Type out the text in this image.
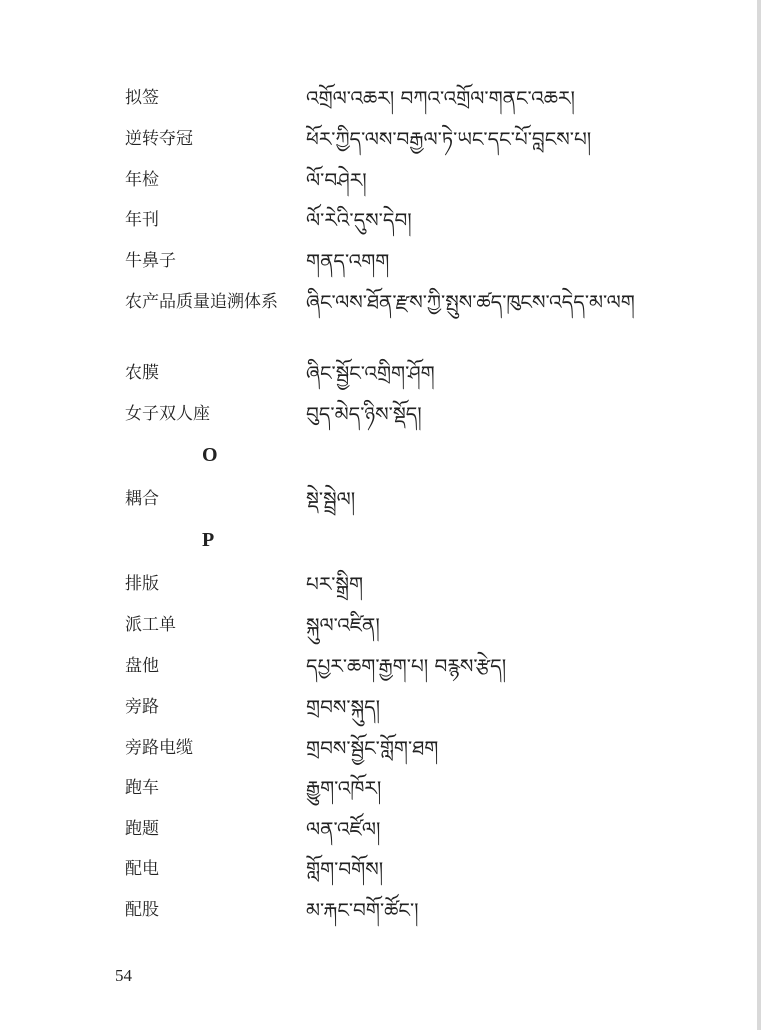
拟签	འགྲོལ་འཆར། བཀའ་འགྲོལ་གནང་འཆར།
逆转夺冠	ཕོར་ཀྱིད་ལས་བརྒྱལ་ཏེ་ཡང་དང་པོ་བླངས་པ།
年检	ལོ་བཤེར།
年刊	ལོ་རེའི་དུས་དེབ།
牛鼻子	གནད་འགག
农产品质量追溯体系 ཞིང་ལས་ཐོན་རྫས་ཀྱི་སྤུས་ཚད་ཁུངས་འདེད་མ་ལག
农膜	ཞིང་སྦྱོང་འགྲིག་ཤོག
女子双人座	བུད་མེད་ཉིས་སྡོད།
O
耦合	སྡེ་སྦྲེལ།
P
排版	པར་སྒྲིག
派工单	སྐུལ་འཛིན།
盘他	དཔྱར་ཆག་རྒྱག་པ། བརྙས་རྩེད།
旁路	གྲབས་སྐུད།
旁路电缆	གྲབས་སྦྱོང་གློག་ཐག
跑车	རྒྱུག་འཁོར།
跑题	ལན་འཛོལ།
配电	གློག་བགོས།
配股	མ་རྐང་བགོ་ཚོང་།
54
